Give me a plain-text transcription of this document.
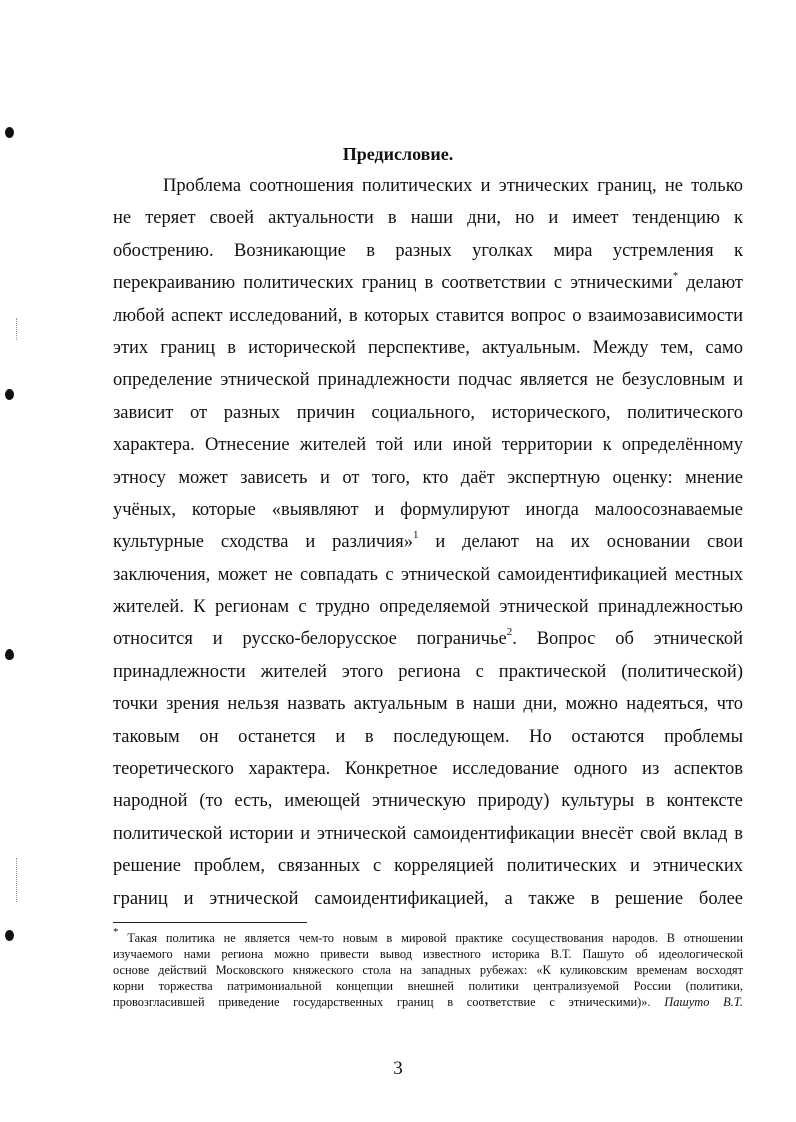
Предисловие.
Проблема соотношения политических и этнических границ, не только
не теряет своей актуальности в наши дни, но и имеет тенденцию к
обострению. Возникающие в разных уголках мира устремления к
перекраиванию политических границ в соответствии с этническими* делают
любой аспект исследований, в которых ставится вопрос о взаимозависимости
этих границ в исторической перспективе, актуальным. Между тем, само
определение этнической принадлежности подчас является не безусловным и
зависит от разных причин социального, исторического, политического
характера. Отнесение жителей той или иной территории к определённому
этносу может зависеть и от того, кто даёт экспертную оценку: мнение
учёных, которые «выявляют и формулируют иногда малоосознаваемые
культурные сходства и различия»$^1$ и делают на их основании свои
заключения, может не совпадать с этнической самоидентификацией местных
жителей. К регионам с трудно определяемой этнической принадлежностью
относится и русско-белорусское пограничье$^2$. Вопрос об этнической
принадлежности жителей этого региона с практической (политической)
точки зрения нельзя назвать актуальным в наши дни, можно надеяться, что
таковым он останется и в последующем. Но остаются проблемы
теоретического характера. Конкретное исследование одного из аспектов
народной (то есть, имеющей этническую природу) культуры в контексте
политической истории и этнической самоидентификации внесёт свой вклад в
решение проблем, связанных с корреляцией политических и этнических
границ и этнической самоидентификацией, а также в решение более
* Такая политика не является чем-то новым в мировой практике сосуществования народов. В отношении
изучаемого нами региона можно привести вывод известного историка В.Т. Пашуто об идеологической
основе действий Московского княжеского стола на западных рубежах: «К куликовским временам восходят
корни торжества патримониальной концепции внешней политики централизуемой России (политики,
провозгласившей приведение государственных границ в соответствие с этническими)». Пашуто В.Т.
3
